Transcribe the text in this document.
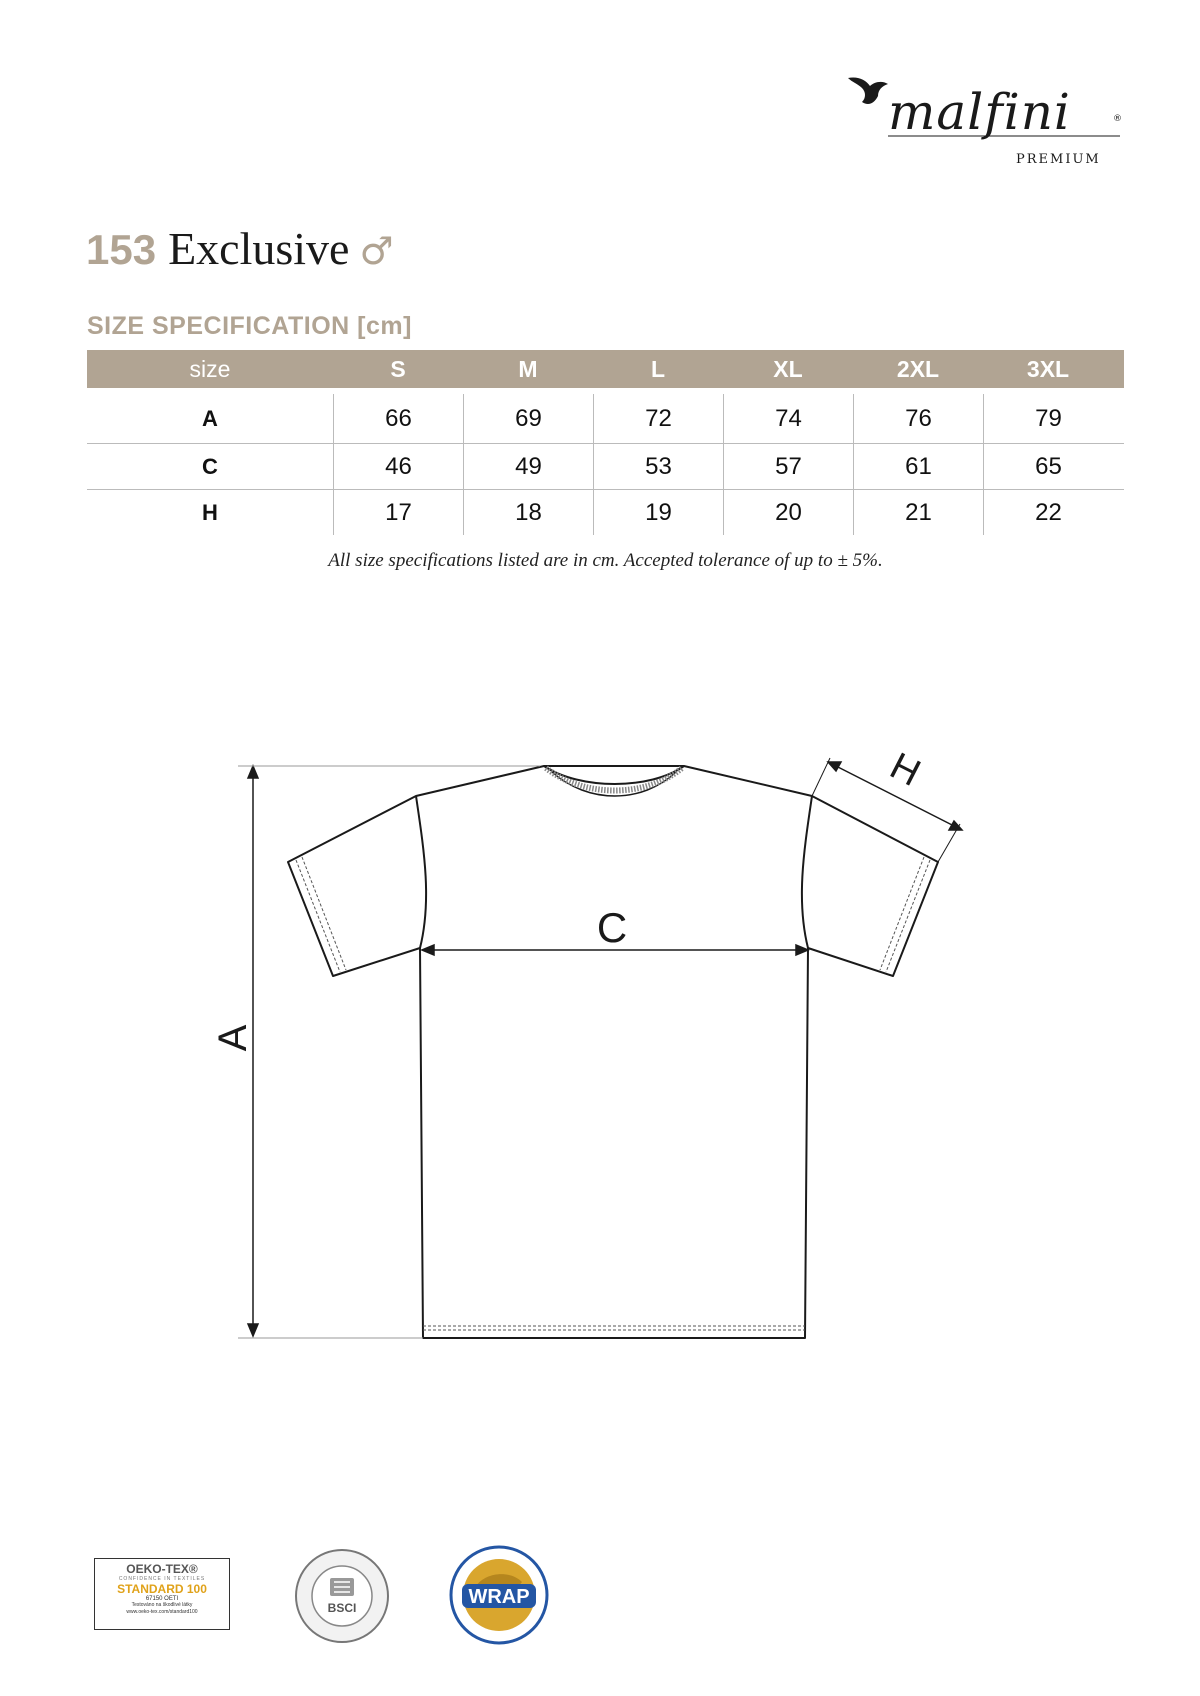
malfini	®
PREMIUM
153 Exclusive ♂
SIZE SPECIFICATION [cm]
size	S	M	L	XL	2XL	3XL
A	66	69	72	74	76	79
C	46	49	53	57	61	65
H	17	18	19	20	21	22
All size specifications listed are in cm. Accepted tolerance of up to ± 5%.
A
C
H
OEKO-TEX®
CONFIDENCE IN TEXTILES
STANDARD 100
67150 OETI
Testováno na škodlivé látky
www.oeko-tex.com/standard100	BSCI	WRAP
